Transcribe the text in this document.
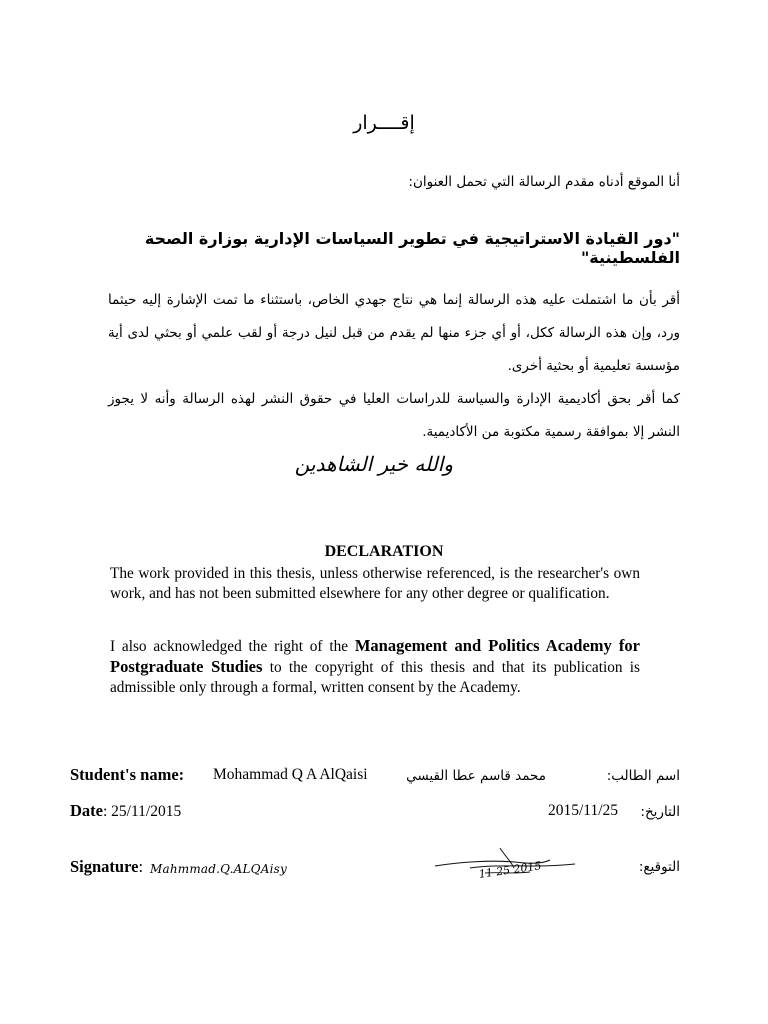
إقــــرار
أنا الموقع أدناه مقدم الرسالة التي تحمل العنوان:
"دور القيادة الاستراتيجية في تطوير السياسات الإدارية بوزارة الصحة الفلسطينية"
أقر بأن ما اشتملت عليه هذه الرسالة إنما هي نتاج جهدي الخاص، باستثناء ما تمت الإشارة إليه حيثما ورد، وإن هذه الرسالة ككل، أو أي جزء منها لم يقدم من قبل لنيل درجة أو لقب علمي أو بحثي لدى أية مؤسسة تعليمية أو بحثية أخرى.
كما أقر بحق أكاديمية الإدارة والسياسة للدراسات العليا في حقوق النشر لهذه الرسالة وأنه لا يجوز النشر إلا بموافقة رسمية مكتوبة من الأكاديمية.
والله خير الشاهدين
DECLARATION
The work provided in this thesis, unless otherwise referenced, is the researcher's own work, and has not been submitted elsewhere for any other degree or qualification.
I also acknowledged the right of the Management and Politics Academy for Postgraduate Studies to the copyright of this thesis and that its publication is admissible only through a formal, written consent by the Academy.
Student's name: Mohammad Q A AlQaisi	محمد قاسم عطا القيسي	اسم الطالب:
Date: 25/11/2015	2015/11/25 التاريخ:
Signature: Mahmmad.Q.ALQAisy	التوقيع:
11 25 2015
